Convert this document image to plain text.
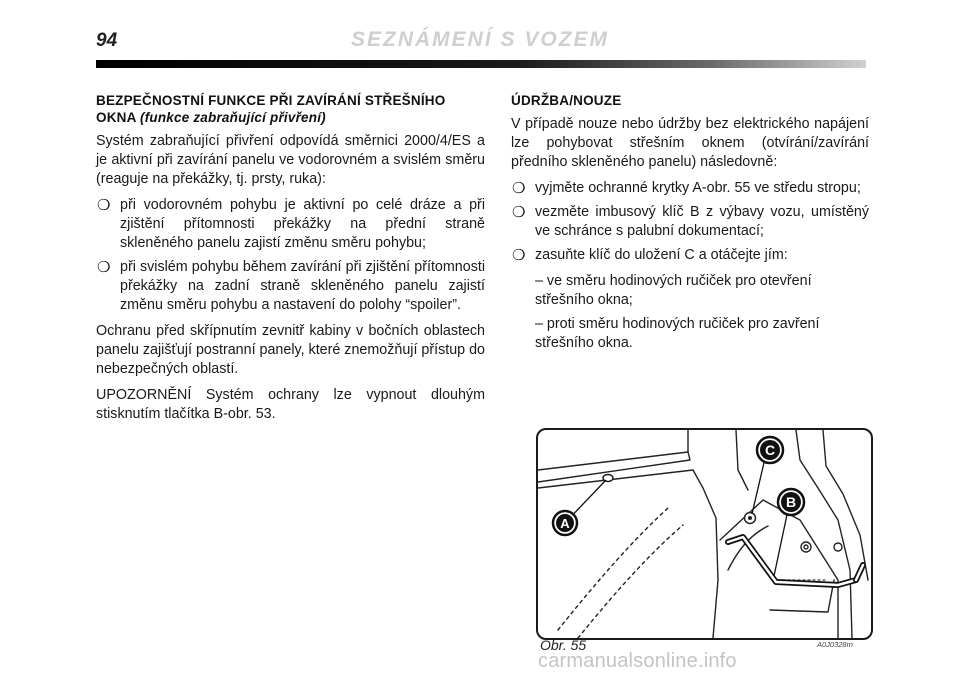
94	SEZNÁMENÍ S VOZEM
BEZPEČNOSTNÍ FUNKCE PŘI ZAVÍRÁNÍ STŘEŠNÍHO
OKNA (funkce zabraňující přivření)

Systém zabraňující přivření odpovídá směrnici 2000/4/ES a je aktivní při zavírání panelu ve vodorovném a svislém směru (reaguje na překážky, tj. prsty, ruka):

❍ při vodorovném pohybu je aktivní po celé dráze a při zjištění přítomnosti překážky na přední straně skleněného panelu zajistí změnu směru pohybu;
❍ při svislém pohybu během zavírání při zjištění přítomnosti překážky na zadní straně skleněného panelu zajistí změnu směru pohybu a nastavení do polohy “spoiler”.

Ochranu před skřípnutím zevnitř kabiny v bočních oblastech panelu zajišťují postranní panely, které znemožňují přístup do nebezpečných oblastí.

UPOZORNĚNÍ Systém ochrany lze vypnout dlouhým stisknutím tlačítka B-obr. 53.

ÚDRŽBA/NOUZE

V případě nouze nebo údržby bez elektrického napájení lze pohybovat střešním oknem (otvírání/zavírání předního skleněného panelu) následovně:

❍ vyjměte ochranné krytky A-obr. 55 ve středu stropu;
❍ vezměte imbusový klíč B z výbavy vozu, umístěný ve schránce s palubní dokumentací;
❍ zasuňte klíč do uložení C a otáčejte jím:
– ve směru hodinových ručiček pro otevření střešního okna;
– proti směru hodinových ručiček pro zavření střešního okna.
A
B
C
Obr. 55	A0J0328m
carmanualsonline.info
